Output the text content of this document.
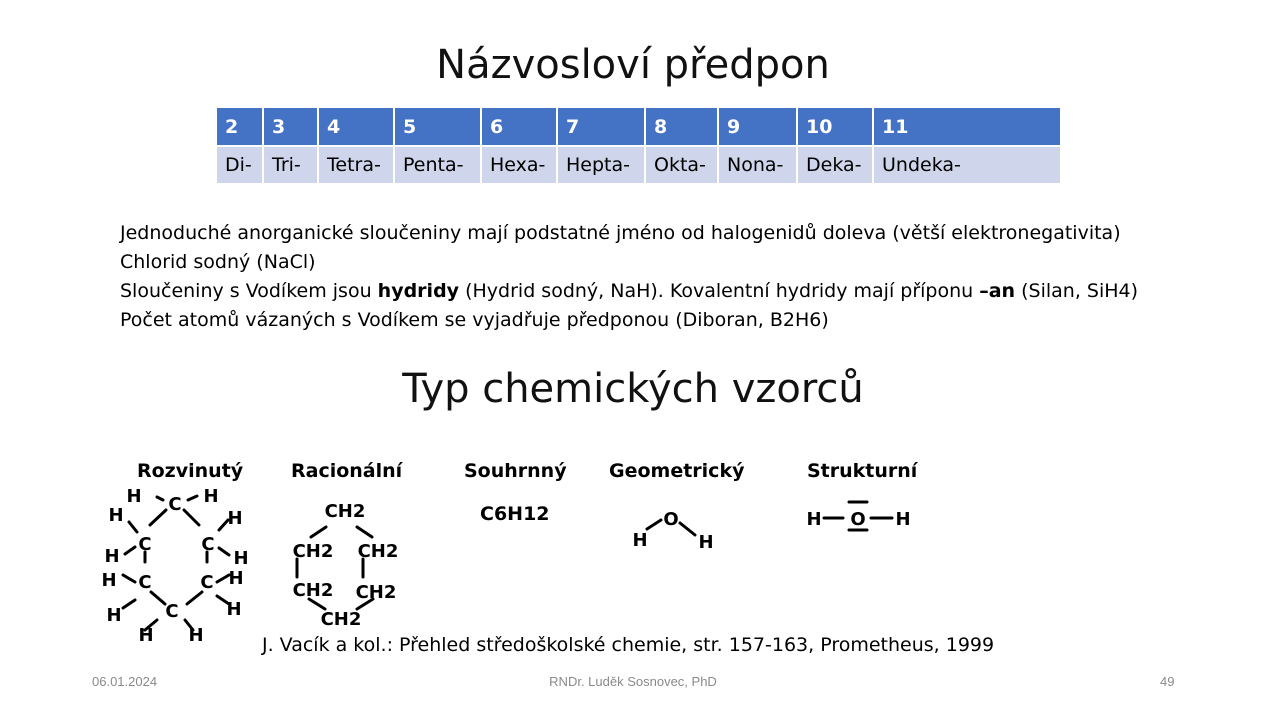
Názvosloví předpon
2	3	4	5	6	7	8	9	10	11
Di-	Tri-	Tetra-	Penta-	Hexa-	Hepta-	Okta-	Nona-	Deka-	Undeka-

Jednoduché anorganické sloučeniny mají podstatné jméno od halogenidů doleva (větší elektronegativita)

Chlorid sodný (NaCl)

Sloučeniny s Vodíkem jsou hydridy (Hydrid sodný, NaH). Kovalentní hydridy mají příponu –an (Silan, SiH4)

Počet atomů vázaných s Vodíkem se vyjadřuje předponou (Diboran, B2H6)

Typ chemických vzorců
Rozvinutý	Racionální	Souhrnný Geometrický	Strukturní
C
C	C
C	C
C
H	H
H	H
H	H
H	H
H	H
H H
CH2
CH2 CH2
CH2 CH2
CH2
C6H12	O
H	H
H O H
J. Vacík a kol.: Přehled středoškolské chemie, str. 157-163, Prometheus, 1999
06.01.2024	RNDr. Luděk Sosnovec, PhD	49
